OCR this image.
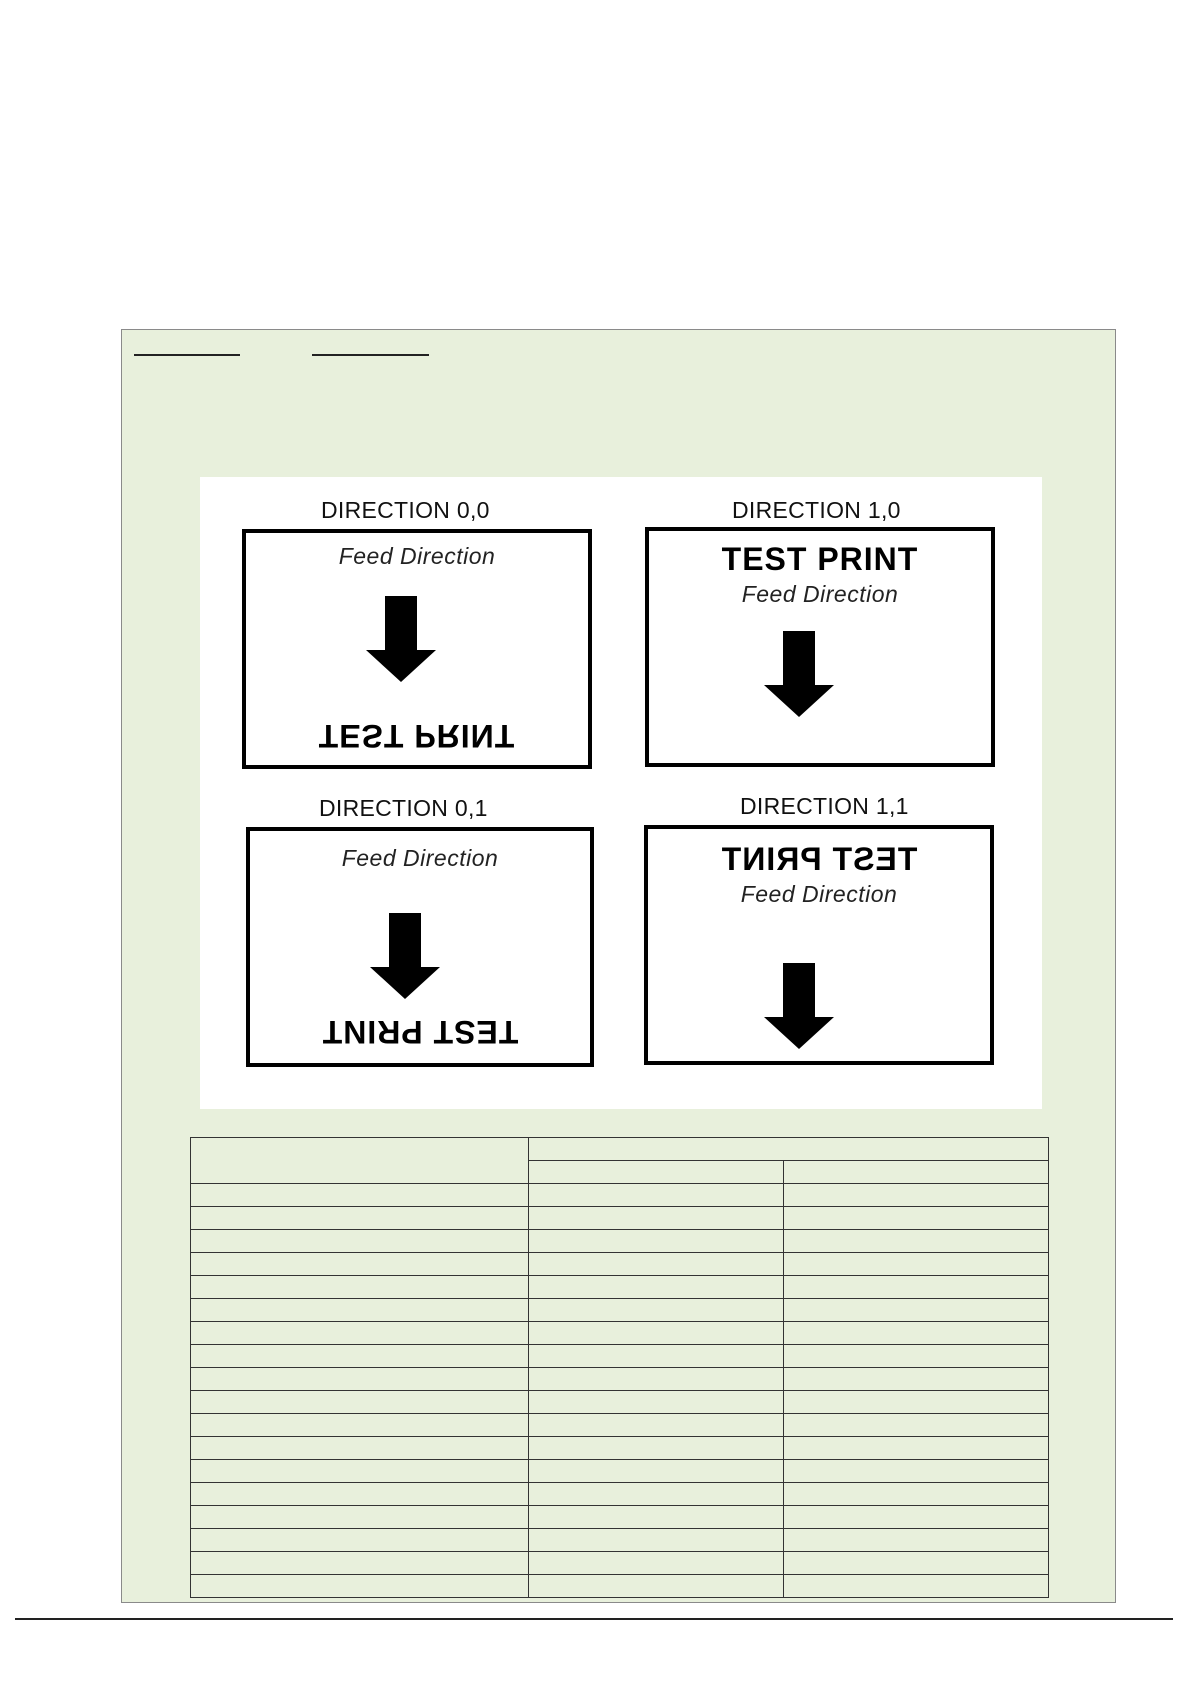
DIRECTION 0,0
Feed Direction
TEST PRINT
DIRECTION 1,0
TEST PRINT
Feed Direction
DIRECTION 0,1
Feed Direction
TEST PRINT
DIRECTION 1,1
TEST PRINT
Feed Direction
